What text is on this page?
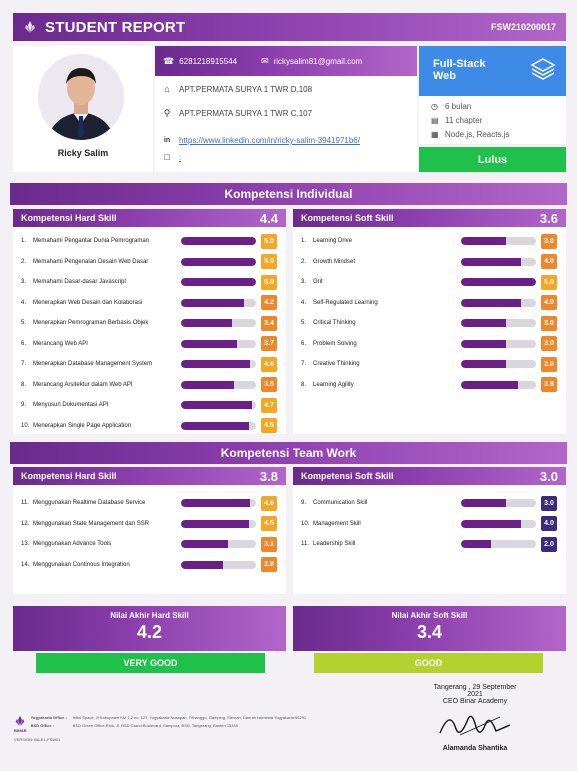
STUDENT REPORT	FSW210200017
Ricky Salim
☎ 6281218915544	✉ rickysalim81@gmail.com
⌂	APT.PERMATA SURYA 1 TWR D.108
⚲	APT.PERMATA SURYA 1 TWR C.107
in	https://www.linkedin.com/in/ricky-salim-3941971b6/
□	:
Full-Stack Web
◷ 6 bulan
▤ 11 chapter
▦ Node.js, Reacts.js
Lulus
Kompetensi Individual
Kompetensi Hard Skill	4.4
1.	Memahami Pengantar Dunia Pemrograman	5.0
2.	Memahami Pengenalan Desain Web Dasar	5.0
3.	Memahami Dasar-dasar Javascript	5.0
4.	Menerapkan Web Desain dan Kolaborasi	4.2
5.	Menerapkan Pemrograman Berbasis Objek	3.4
6.	Merancang Web API	3.7
7.	Menerapkan Database Management System	4.6
8.	Merancang Arsitektur dalam Web API	3.5
9.	Menyusun Dokumentasi API	4.7
10. Menerapkan Single Page Application	4.5
Kompetensi Soft Skill	3.6
1.	Learning Drive	3.0
2.	Growth Mindset	4.0
3.	Grit	5.0
4.	Self-Regulated Learning	4.0
5.	Critical Thinking	3.0
6.	Problem Solving	3.0
7.	Creative Thinking	3.0
8.	Learning Agility	3.8
Kompetensi Team Work
Kompetensi Hard Skill	3.8
11. Menggunakan Realtime Database Service	4.6
12. Menggunakan State Management dan SSR	4.5
13. Menggunakan Advance Tools	3.1
14. Menggunakan Continous Integration	2.8
Kompetensi Soft Skill	3.0
9.	Communication Skill	3.0
10. Management Skill	4.0
11. Leadership Skill	2.0
Nilai Akhir Hard Skill
4.2
Nilai Akhir Soft Skill
3.4
VERY GOOD	GOOD
BINAR
Yogyakarta Office :	Infini Space, Jl Kabupaten KM 1,2 no. 127, Yogyakarta Nusapan, Trihanggo, Gamping, Sleman, Daerah Istimewa Yogyakarta 55291
BSD Office :	BSD Green Office Park, Jl. BSD Grand Boulevard, Sampora, BSD, Tangerang, Banten 15345
VERSION: BA-EL-FSW01
Tangerang , 29 September
2021
CEO Binar Academy
Alamanda Shantika
